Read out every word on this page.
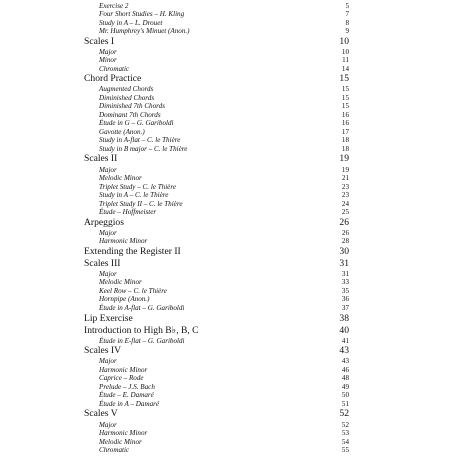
Exercise 2	5
Four Short Studies – H. Kling	7
Study in A – L. Drouet	8
Mr. Humphrey's Minuet (Anon.)	9
Scales I	10
Major	10
Minor	11
Chromatic	14
Chord Practice	15
Augmented Chords	15
Diminished Chords	15
Diminished 7th Chords	15
Dominant 7th Chords	16
Étude in G – G. Gariboldi	16
Gavotte (Anon.)	17
Study in A-flat – C. le Thière	18
Study in B major – C. le Thière	18
Scales II	19
Major	19
Melodic Minor	21
Triplet Study – C. le Thière	23
Study in A – C. le Thière	23
Triplet Study II – C. le Thière	24
Étude – Hoffmeister	25
Arpeggios	26
Major	26
Harmonic Minor	28
Extending the Register II	30
Scales III	31
Major	31
Melodic Minor	33
Keel Row – C. le Thière	35
Hornpipe (Anon.)	36
Étude in A-flat – G. Gariboldi	37
Lip Exercise	38
Introduction to High B♭, B, C	40
Étude in E-flat – G. Gariboldi	41
Scales IV	43
Major	43
Harmonic Minor	46
Caprice – Rode	48
Prelude – J.S. Bach	49
Étude – E. Damaré	50
Étude in A – Damaré	51
Scales V	52
Major	52
Harmonic Minor	53
Melodic Minor	54
Chromatic	55
